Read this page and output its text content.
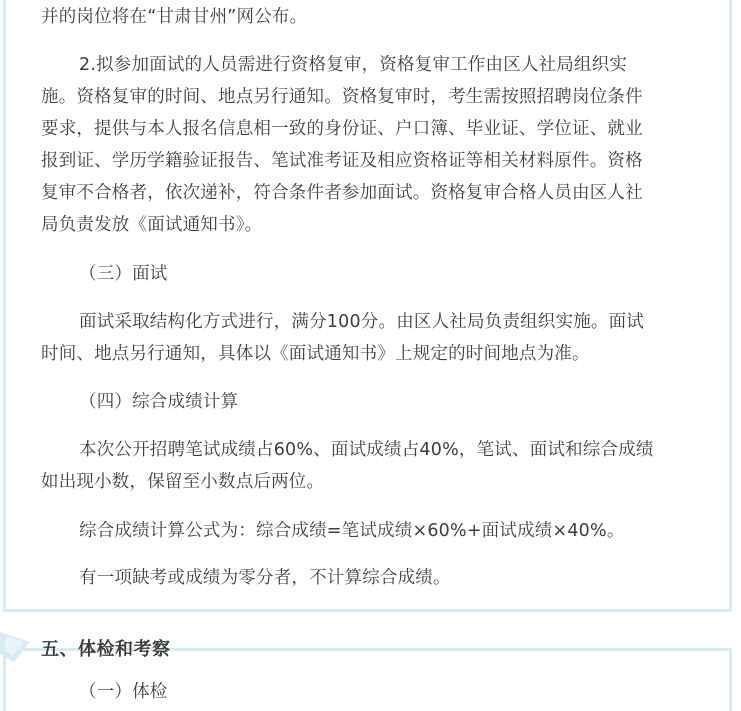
并的岗位将在“甘肃甘州”网公布。
2.拟参加面试的人员需进行资格复审，资格复审工作由区人社局组织实
施。资格复审的时间、地点另行通知。资格复审时，考生需按照招聘岗位条件
要求，提供与本人报名信息相一致的身份证、户口簿、毕业证、学位证、就业
报到证、学历学籍验证报告、笔试准考证及相应资格证等相关材料原件。资格
复审不合格者，依次递补，符合条件者参加面试。资格复审合格人员由区人社
局负责发放《面试通知书》。
（三）面试
面试采取结构化方式进行，满分100分。由区人社局负责组织实施。面试
时间、地点另行通知，具体以《面试通知书》上规定的时间地点为准。
（四）综合成绩计算
本次公开招聘笔试成绩占60%、面试成绩占40%，笔试、面试和综合成绩
如出现小数，保留至小数点后两位。
综合成绩计算公式为：综合成绩=笔试成绩×60%+面试成绩×40%。
有一项缺考或成绩为零分者，不计算综合成绩。
五、体检和考察
（一）体检
